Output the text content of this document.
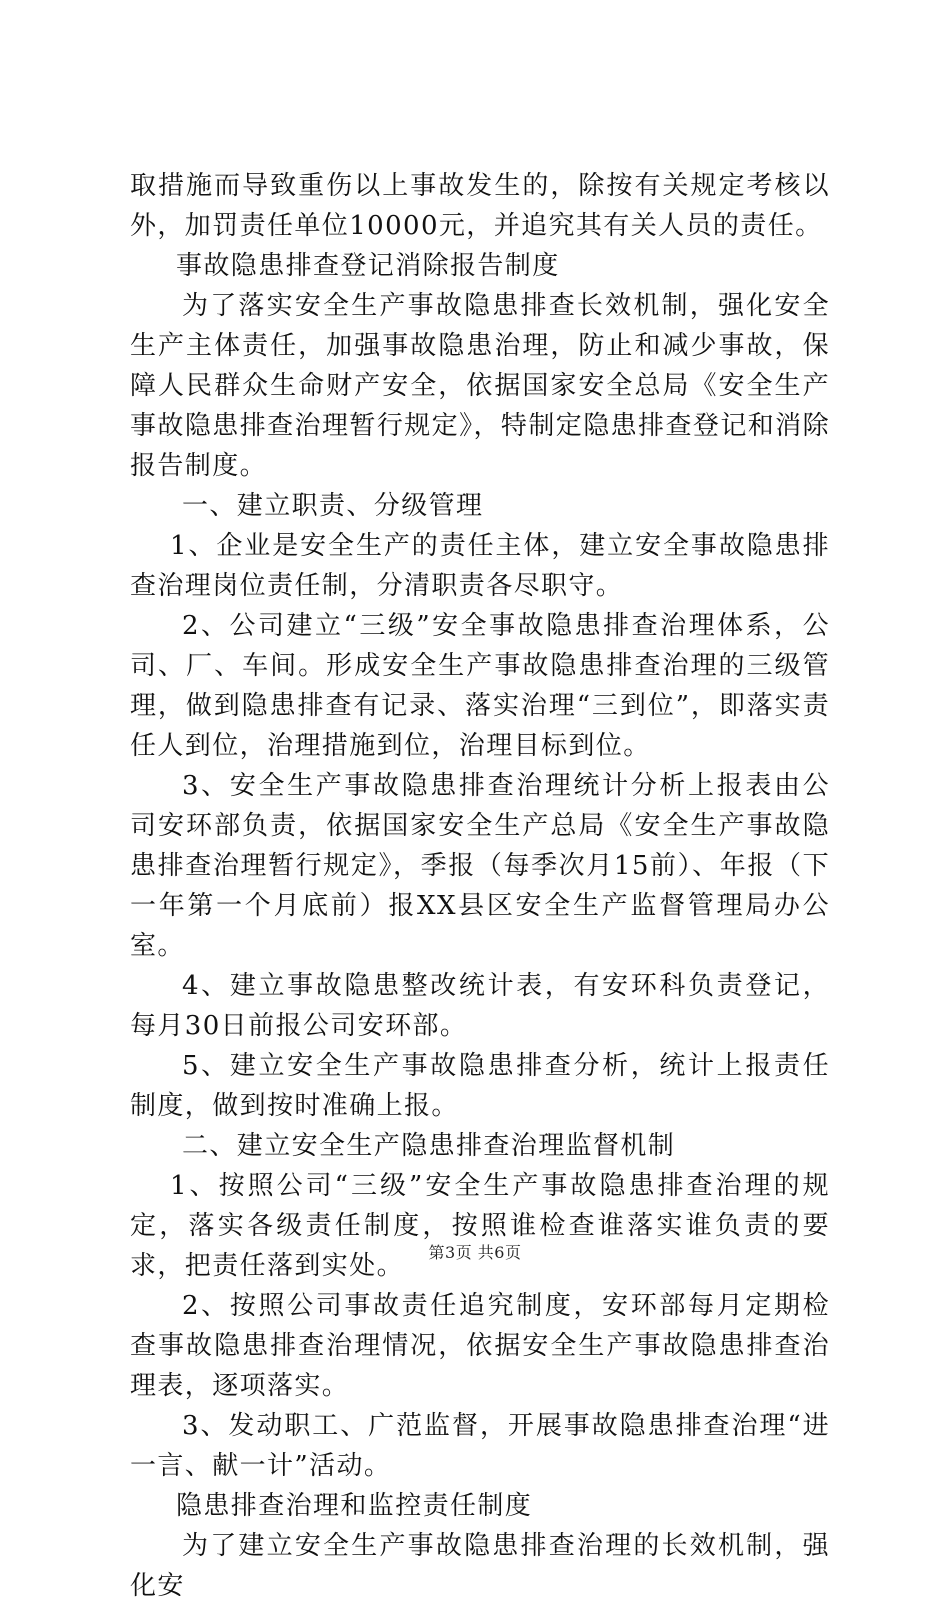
取措施而导致重伤以上事故发生的，除按有关规定考核以外，加罚责任单位10000元，并追究其有关人员的责任。

事故隐患排查登记消除报告制度

为了落实安全生产事故隐患排查长效机制，强化安全生产主体责任，加强事故隐患治理，防止和减少事故，保障人民群众生命财产安全，依据国家安全总局《安全生产事故隐患排查治理暂行规定》，特制定隐患排查登记和消除报告制度。

一、建立职责、分级管理

1、企业是安全生产的责任主体，建立安全事故隐患排查治理岗位责任制，分清职责各尽职守。

2、公司建立“三级”安全事故隐患排查治理体系，公司、厂、车间。形成安全生产事故隐患排查治理的三级管理，做到隐患排查有记录、落实治理“三到位”，即落实责任人到位，治理措施到位，治理目标到位。

3、安全生产事故隐患排查治理统计分析上报表由公司安环部负责，依据国家安全生产总局《安全生产事故隐患排查治理暂行规定》，季报（每季次月15前）、年报（下一年第一个月底前）报XX县区安全生产监督管理局办公室。

4、建立事故隐患整改统计表，有安环科负责登记，每月30日前报公司安环部。

5、建立安全生产事故隐患排查分析，统计上报责任制度，做到按时准确上报。

二、建立安全生产隐患排查治理监督机制

1、按照公司“三级”安全生产事故隐患排查治理的规定，落实各级责任制度，按照谁检查谁落实谁负责的要求，把责任落到实处。

2、按照公司事故责任追究制度，安环部每月定期检查事故隐患排查治理情况，依据安全生产事故隐患排查治理表，逐项落实。

3、发动职工、广范监督，开展事故隐患排查治理“进一言、献一计”活动。

隐患排查治理和监控责任制度

为了建立安全生产事故隐患排查治理的长效机制，强化安

第3页 共6页
